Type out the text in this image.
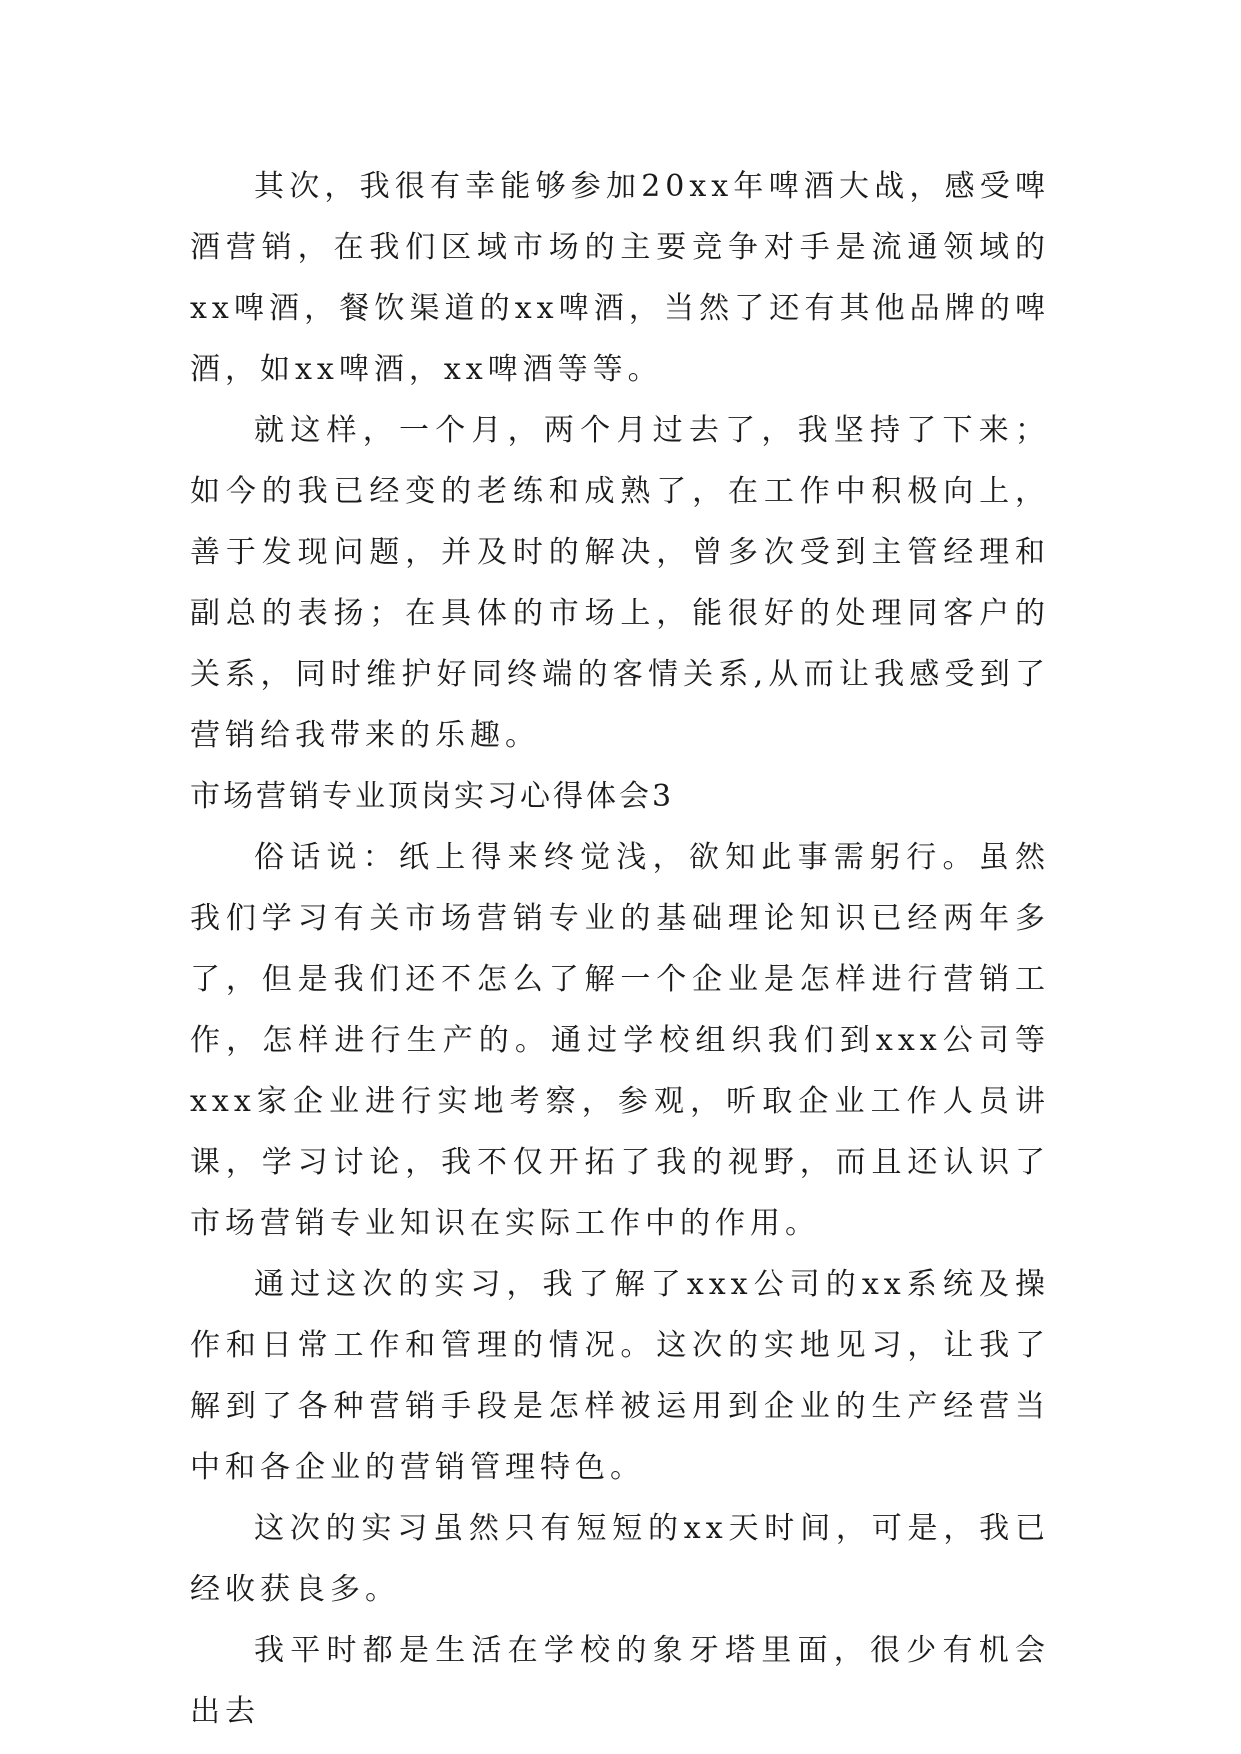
其次，我很有幸能够参加20xx年啤酒大战，感受啤酒营销，在我们区域市场的主要竞争对手是流通领域的xx啤酒，餐饮渠道的xx啤酒，当然了还有其他品牌的啤酒，如xx啤酒，xx啤酒等等。

就这样，一个月，两个月过去了，我坚持了下来；如今的我已经变的老练和成熟了，在工作中积极向上，善于发现问题，并及时的解决，曾多次受到主管经理和副总的表扬；在具体的市场上，能很好的处理同客户的关系，同时维护好同终端的客情关系,从而让我感受到了营销给我带来的乐趣。

市场营销专业顶岗实习心得体会3

俗话说：纸上得来终觉浅，欲知此事需躬行。虽然我们学习有关市场营销专业的基础理论知识已经两年多了，但是我们还不怎么了解一个企业是怎样进行营销工作，怎样进行生产的。通过学校组织我们到xxx公司等xxx家企业进行实地考察，参观，听取企业工作人员讲课，学习讨论，我不仅开拓了我的视野，而且还认识了市场营销专业知识在实际工作中的作用。

通过这次的实习，我了解了xxx公司的xx系统及操作和日常工作和管理的情况。这次的实地见习，让我了解到了各种营销手段是怎样被运用到企业的生产经营当中和各企业的营销管理特色。

这次的实习虽然只有短短的xx天时间，可是，我已经收获良多。

我平时都是生活在学校的象牙塔里面，很少有机会出去
